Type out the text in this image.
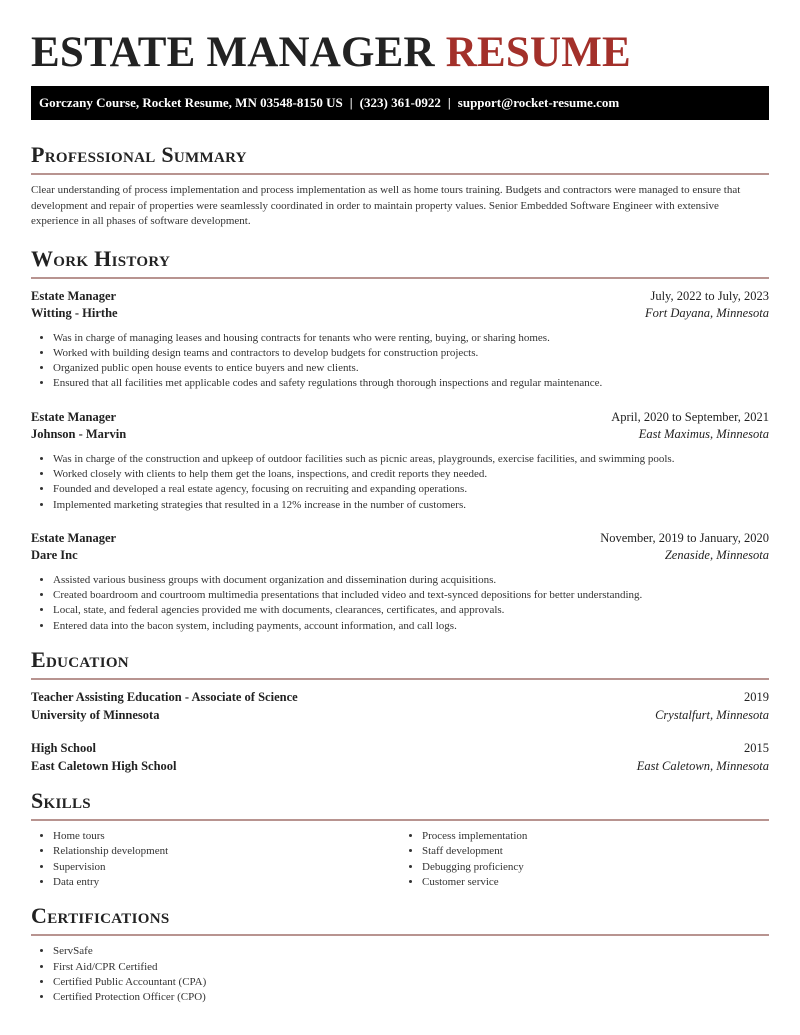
ESTATE MANAGER RESUME
Gorczany Course, Rocket Resume, MN 03548-8150 US | (323) 361-0922 | support@rocket-resume.com
Professional Summary

Clear understanding of process implementation and process implementation as well as home tours training. Budgets and contractors were managed to ensure that development and repair of properties were seamlessly coordinated in order to maintain property values. Senior Embedded Software Engineer with extensive experience in all phases of software development.

Work History
Estate Manager	July, 2022 to July, 2023
Witting - Hirthe	Fort Dayana, Minnesota
• Was in charge of managing leases and housing contracts for tenants who were renting, buying, or sharing homes.
• Worked with building design teams and contractors to develop budgets for construction projects.
• Organized public open house events to entice buyers and new clients.
• Ensured that all facilities met applicable codes and safety regulations through thorough inspections and regular maintenance.
Estate Manager	April, 2020 to September, 2021
Johnson - Marvin	East Maximus, Minnesota
• Was in charge of the construction and upkeep of outdoor facilities such as picnic areas, playgrounds, exercise facilities, and swimming pools.
• Worked closely with clients to help them get the loans, inspections, and credit reports they needed.
• Founded and developed a real estate agency, focusing on recruiting and expanding operations.
• Implemented marketing strategies that resulted in a 12% increase in the number of customers.
Estate Manager	November, 2019 to January, 2020
Dare Inc	Zenaside, Minnesota
• Assisted various business groups with document organization and dissemination during acquisitions.
• Created boardroom and courtroom multimedia presentations that included video and text-synced depositions for better understanding.
• Local, state, and federal agencies provided me with documents, clearances, certificates, and approvals.
• Entered data into the bacon system, including payments, account information, and call logs.
Education
Teacher Assisting Education - Associate of Science	2019
University of Minnesota	Crystalfurt, Minnesota
High School	2015
East Caletown High School	East Caletown, Minnesota
Skills
• Home tours
• Relationship development
• Supervision
• Data entry
• Process implementation
• Staff development
• Debugging proficiency
• Customer service
Certifications
• ServSafe
• First Aid/CPR Certified
• Certified Public Accountant (CPA)
• Certified Protection Officer (CPO)
